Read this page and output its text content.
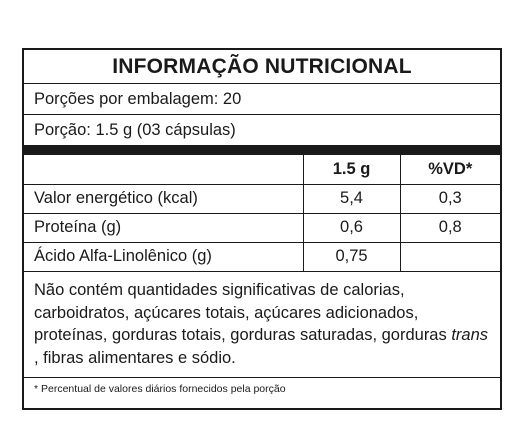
INFORMAÇÃO NUTRICIONAL
Porções por embalagem: 20
Porção: 1.5 g (03 cápsulas)
	1.5 g	%VD*
Valor energético (kcal)	5,4	0,3
Proteína (g)	0,6	0,8
Ácido Alfa-Linolênico (g)	0,75	
Não contém quantidades significativas de calorias, carboidratos, açúcares totais, açúcares adicionados, proteínas, gorduras totais, gorduras saturadas, gorduras trans , fibras alimentares e sódio.
* Percentual de valores diários fornecidos pela porção
